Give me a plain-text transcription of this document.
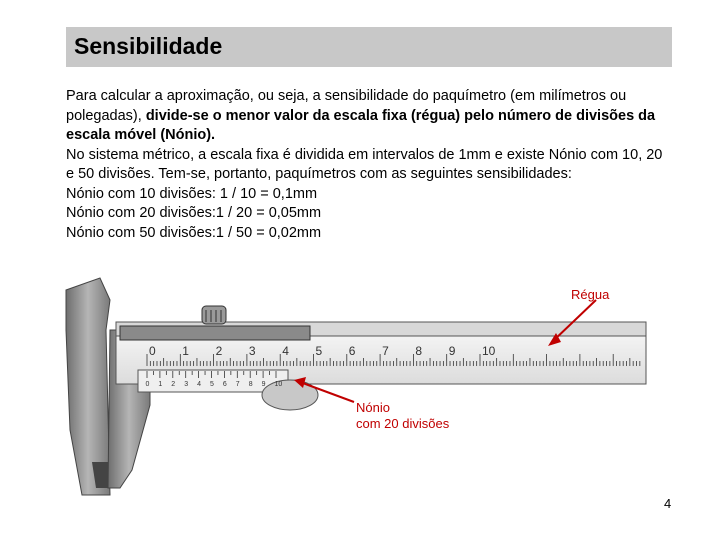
Sensibilidade

Para calcular a aproximação, ou seja, a sensibilidade do paquímetro (em milímetros ou polegadas), divide-se o menor valor da escala fixa (régua) pelo número de divisões da escala móvel (Nónio).

No sistema métrico, a escala fixa é dividida em intervalos de 1mm e existe Nónio com 10, 20 e 50 divisões. Tem-se, portanto, paquímetros com as seguintes sensibilidades:

Nónio com 10 divisões: 1 / 10 = 0,1mm

Nónio com 20 divisões:1 / 20 = 0,05mm

Nónio com 50 divisões:1 / 50 = 0,02mm

0 1 2 3 4 5 6 7 8 9 10
0 1 2 3 4 5 6 7 8 9 10
Régua
Nónio
com 20 divisões
4
